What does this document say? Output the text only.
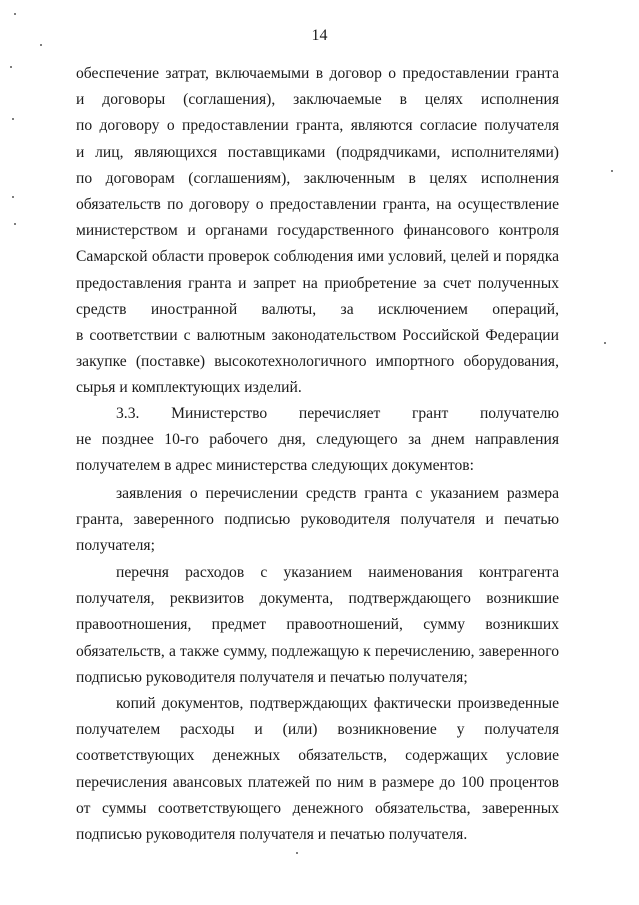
14
обеспечение затрат, включаемыми в договор о предоставлении гранта
и договоры (соглашения), заключаемые в целях исполнения
по договору о предоставлении гранта, являются согласие получателя
и лиц, являющихся поставщиками (подрядчиками, исполнителями)
по договорам (соглашениям), заключенным в целях исполнения
обязательств по договору о предоставлении гранта, на осуществление
министерством и органами государственного финансового контроля
Самарской области проверок соблюдения ими условий, целей и порядка
предоставления гранта и запрет на приобретение за счет полученных
средств иностранной валюты, за исключением операций,
в соответствии с валютным законодательством Российской Федерации
закупке (поставке) высокотехнологичного импортного оборудования,
сырья и комплектующих изделий.
3.3. Министерство перечисляет грант получателю
не позднее 10-го рабочего дня, следующего за днем направления
получателем в адрес министерства следующих документов:
заявления о перечислении средств гранта с указанием размера
гранта, заверенного подписью руководителя получателя и печатью
получателя;
перечня расходов с указанием наименования контрагента
получателя, реквизитов документа, подтверждающего возникшие
правоотношения, предмет правоотношений, сумму возникших
обязательств, а также сумму, подлежащую к перечислению, заверенного
подписью руководителя получателя и печатью получателя;
копий документов, подтверждающих фактически произведенные
получателем расходы и (или) возникновение у получателя
соответствующих денежных обязательств, содержащих условие
перечисления авансовых платежей по ним в размере до 100 процентов
от суммы соответствующего денежного обязательства, заверенных
подписью руководителя получателя и печатью получателя.
